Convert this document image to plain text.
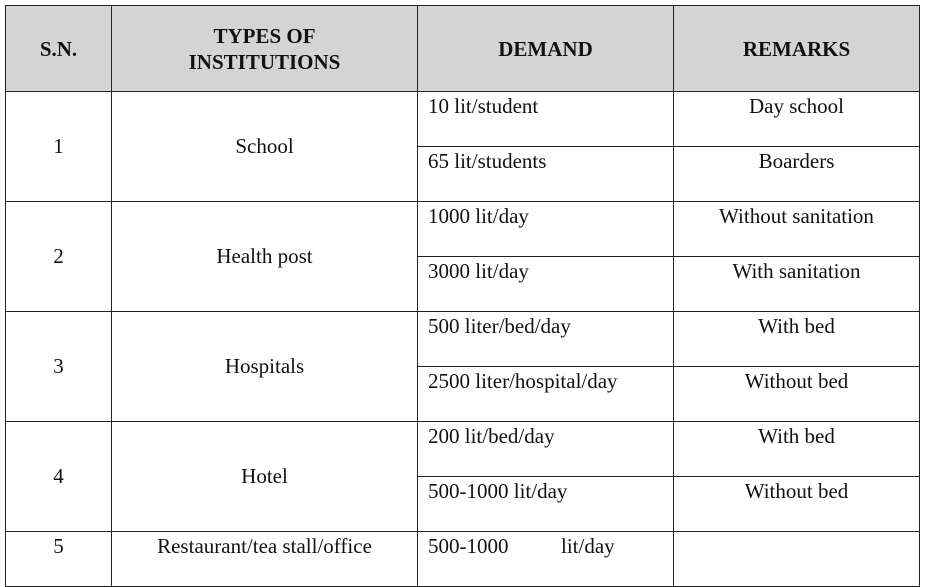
S.N.	TYPES OF
INSTITUTIONS	DEMAND	REMARKS
1	School	10 lit/student	Day school
		65 lit/students	Boarders
2	Health post	1000 lit/day	Without sanitation
		3000 lit/day	With sanitation
3	Hospitals	500 liter/bed/day	With bed
		2500 liter/hospital/day	Without bed
4	Hotel	200 lit/bed/day	With bed
		500-1000 lit/day	Without bed
5	Restaurant/tea stall/office	500-1000          lit/day	
